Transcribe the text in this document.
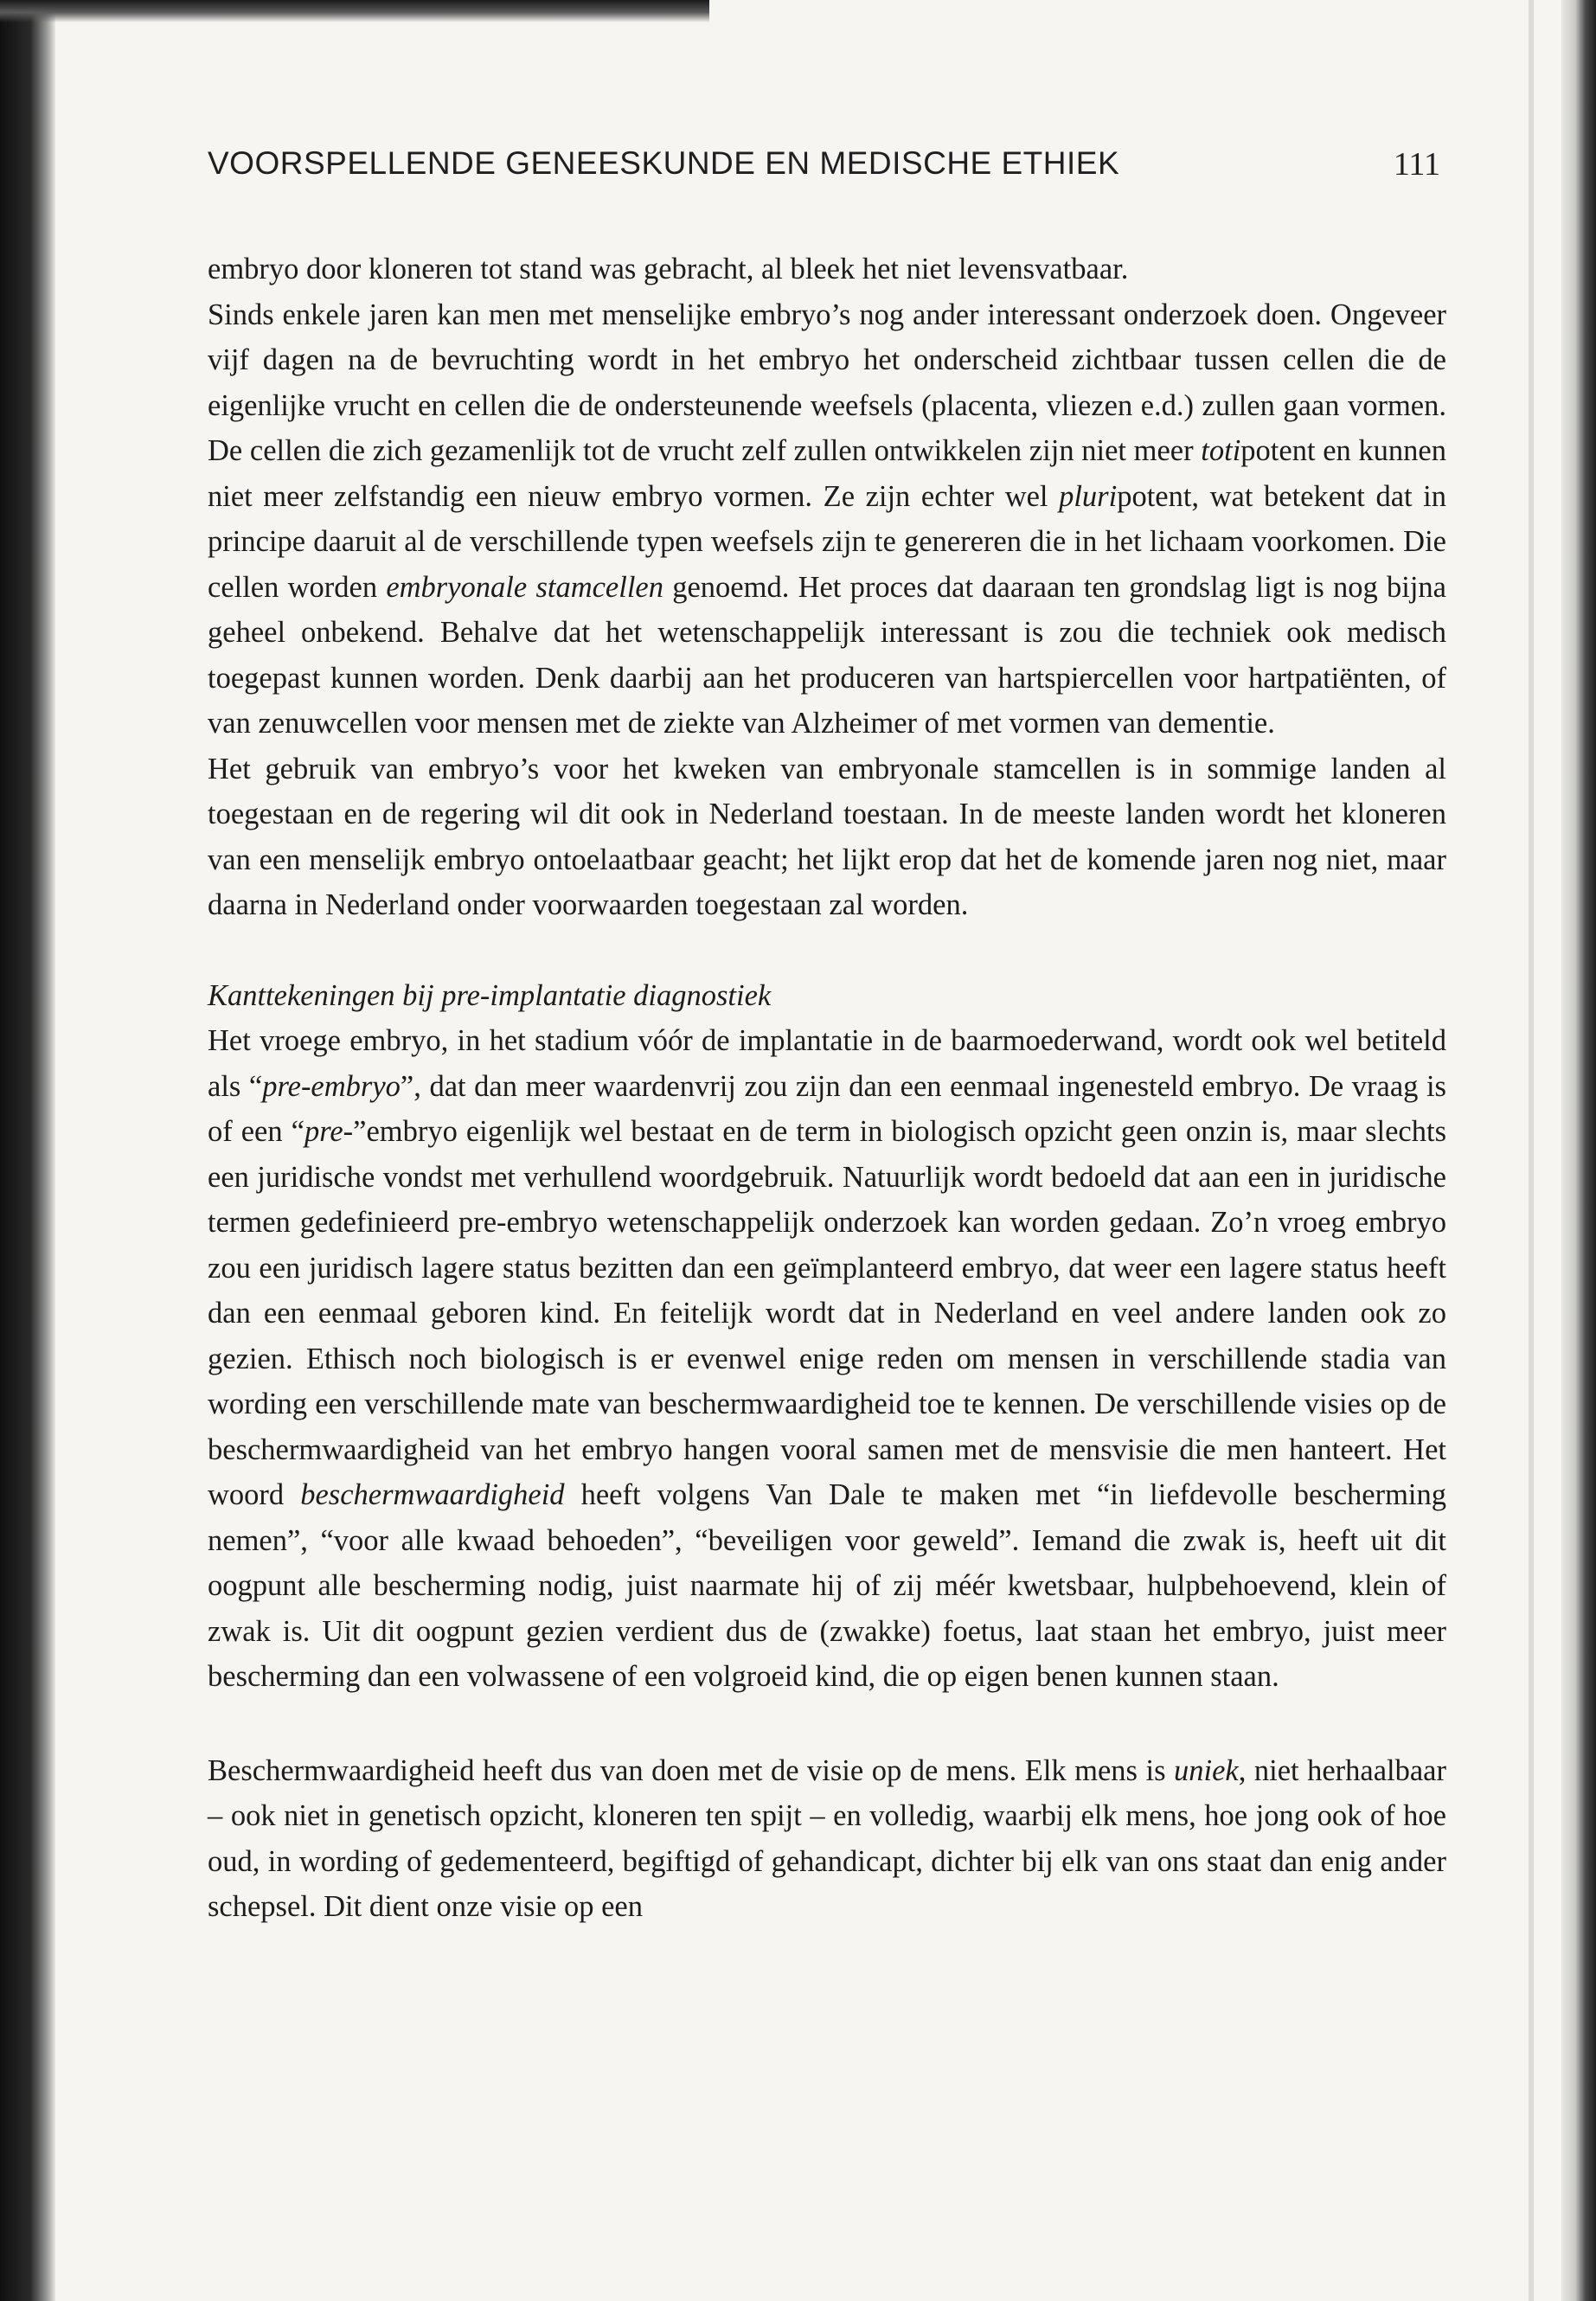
VOORSPELLENDE GENEESKUNDE EN MEDISCHE ETHIEK	111

embryo door kloneren tot stand was gebracht, al bleek het niet levensvatbaar.

Sinds enkele jaren kan men met menselijke embryo’s nog ander interessant onderzoek doen. Ongeveer vijf dagen na de bevruchting wordt in het embryo het onderscheid zichtbaar tussen cellen die de eigenlijke vrucht en cellen die de ondersteunende weefsels (placenta, vliezen e.d.) zullen gaan vormen. De cellen die zich gezamenlijk tot de vrucht zelf zullen ontwikkelen zijn niet meer totipotent en kunnen niet meer zelfstandig een nieuw embryo vormen. Ze zijn echter wel pluripotent, wat betekent dat in principe daaruit al de verschillende typen weefsels zijn te genereren die in het lichaam voorkomen. Die cellen worden embryonale stamcellen genoemd. Het proces dat daaraan ten grondslag ligt is nog bijna geheel onbekend. Behalve dat het wetenschappelijk interessant is zou die techniek ook medisch toegepast kunnen worden. Denk daarbij aan het produceren van hartspiercellen voor hartpatiënten, of van zenuwcellen voor mensen met de ziekte van Alzheimer of met vormen van dementie.

Het gebruik van embryo’s voor het kweken van embryonale stamcellen is in sommige landen al toegestaan en de regering wil dit ook in Nederland toestaan. In de meeste landen wordt het kloneren van een menselijk embryo ontoelaatbaar geacht; het lijkt erop dat het de komende jaren nog niet, maar daarna in Nederland onder voorwaarden toegestaan zal worden.

Kanttekeningen bij pre-implantatie diagnostiek

Het vroege embryo, in het stadium vóór de implantatie in de baarmoederwand, wordt ook wel betiteld als “pre-embryo”, dat dan meer waardenvrij zou zijn dan een eenmaal ingenesteld embryo. De vraag is of een “pre-”embryo eigenlijk wel bestaat en de term in biologisch opzicht geen onzin is, maar slechts een juridische vondst met verhullend woordgebruik. Natuurlijk wordt bedoeld dat aan een in juridische termen gedefinieerd pre-embryo wetenschappelijk onderzoek kan worden gedaan. Zo’n vroeg embryo zou een juridisch lagere status bezitten dan een geïmplanteerd embryo, dat weer een lagere status heeft dan een eenmaal geboren kind. En feitelijk wordt dat in Nederland en veel andere landen ook zo gezien. Ethisch noch biologisch is er evenwel enige reden om mensen in verschillende stadia van wording een verschillende mate van beschermwaardigheid toe te kennen. De verschillende visies op de beschermwaardigheid van het embryo hangen vooral samen met de mensvisie die men hanteert. Het woord beschermwaardigheid heeft volgens Van Dale te maken met “in liefdevolle bescherming nemen”, “voor alle kwaad behoeden”, “beveiligen voor geweld”. Iemand die zwak is, heeft uit dit oogpunt alle bescherming nodig, juist naarmate hij of zij méér kwetsbaar, hulpbehoevend, klein of zwak is. Uit dit oogpunt gezien verdient dus de (zwakke) foetus, laat staan het embryo, juist meer bescherming dan een volwassene of een volgroeid kind, die op eigen benen kunnen staan.

Beschermwaardigheid heeft dus van doen met de visie op de mens. Elk mens is uniek, niet herhaalbaar – ook niet in genetisch opzicht, kloneren ten spijt – en volledig, waarbij elk mens, hoe jong ook of hoe oud, in wording of gedementeerd, begiftigd of gehandicapt, dichter bij elk van ons staat dan enig ander schepsel. Dit dient onze visie op een
